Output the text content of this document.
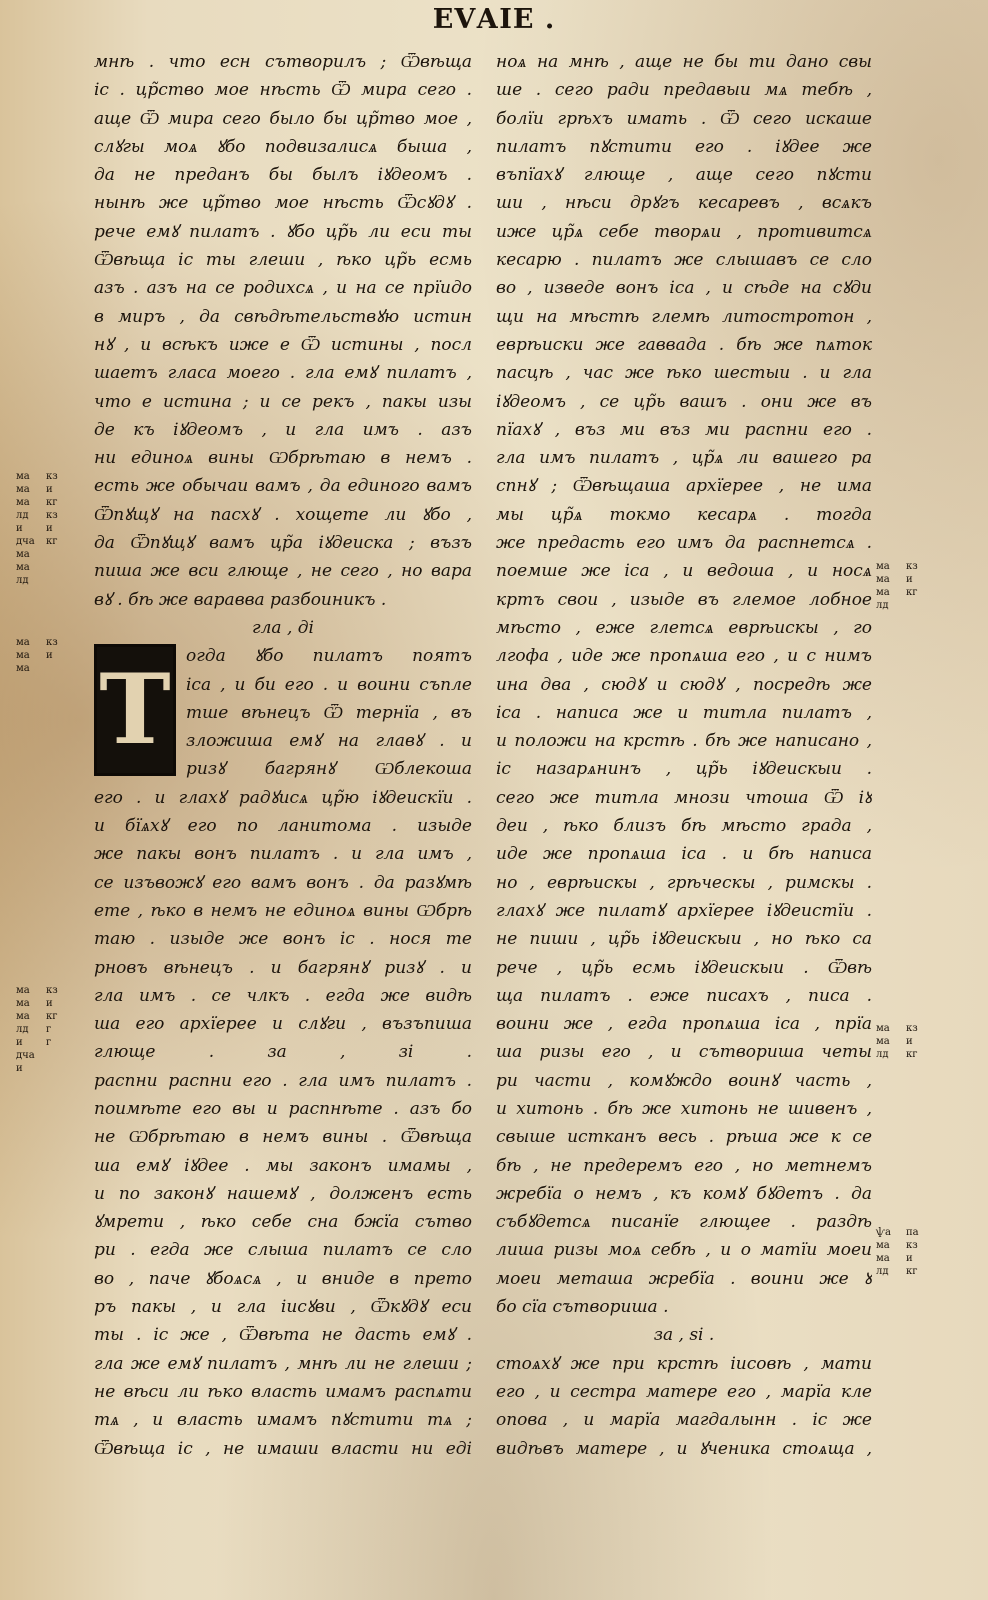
ЕVАIE .
мнѣ . что есн сътворилъ ; Ѿвѣща
іс . цр̃ство мое нѣсть Ѿ мира сего .
аще Ѿ мира сего было бы цр̃тво мое ,
слꙋгы моѧ ꙋбо подвизалисѧ быша ,
да не преданъ бы былъ іꙋдеомъ .
нынѣ же цр̃тво мое нѣсть Ѿсꙋдꙋ .
рече емꙋ пилатъ . ꙋбо цр̃ь ли еси ты
Ѿвѣща іс ты глеши , ѣко цр̃ь есмь
азъ . азъ на се родихсѧ , и на се прїидо
в миръ , да свѣдѣтельствꙋю истин
нꙋ , и всѣкъ иже е Ѿ истины , посл
шаетъ гласа моего . гла емꙋ пилатъ ,
что е истина ; и се рекъ , пакы изы
де къ іꙋдеомъ , и гла имъ . азъ
ни единоѧ вины Ѡбрѣтаю в немъ .
есть же обычаи вамъ , да единого вамъ
Ѿпꙋщꙋ на пасхꙋ . хощете ли ꙋбо ,
да Ѿпꙋщꙋ вамъ цр̃а іꙋдеиска ; възъ
пиша же вси глюще , не сего , но вара
вꙋ . бѣ же варавва разбоиникъ .
гла , ді
Т огда ꙋбо пилатъ поятъ
іса , и би его . и воини съпле
тше вѣнецъ Ѿ тернїа , въ
зложиша емꙋ на главꙋ . и
ризꙋ багрянꙋ Ѡблекоша
его . и глахꙋ радꙋисѧ цр̃ю іꙋдеискїи .
и бїѧхꙋ его по ланитома . изыде
же пакы вонъ пилатъ . и гла имъ ,
се изъвожꙋ его вамъ вонъ . да разꙋмѣ
ете , ѣко в немъ не единоѧ вины Ѡбрѣ
таю . изыде же вонъ іс . нося те
рновъ вѣнецъ . и багрянꙋ ризꙋ . и
гла имъ . се члкъ . егда же видѣ
ша его архїерее и слꙋги , възъпиша
глюще . за , зі .
распни распни его . гла имъ пилатъ .
поимѣте его вы и распнѣте . азъ бо
не Ѡбрѣтаю в немъ вины . Ѿвѣща
ша емꙋ іꙋдее . мы законъ имамы ,
и по законꙋ нашемꙋ , долженъ есть
ꙋмрети , ѣко себе сна бжїа сътво
ри . егда же слыша пилатъ се сло
во , паче ꙋбоѧсѧ , и вниде в прето
ръ пакы , и гла іисꙋви , Ѿкꙋдꙋ еси
ты . іс же , Ѿвѣта не дасть емꙋ .
гла же емꙋ пилатъ , мнѣ ли не глеши ;
не вѣси ли ѣко власть имамъ распѧти
тѧ , и власть имамъ пꙋстити тѧ ;
Ѿвѣща іс , не имаши власти ни еді
ноѧ на мнѣ , аще не бы ти дано свы
ше . сего ради предавыи мѧ тебѣ ,
болїи грѣхъ имать . Ѿ сего искаше
пилатъ пꙋстити его . іꙋдее же
въпїахꙋ глюще , аще сего пꙋсти
ши , нѣси дрꙋгъ кесаревъ , всѧкъ
иже цр̃ѧ себе творѧи , противитсѧ
кесарю . пилатъ же слышавъ се сло
во , изведе вонъ іса , и сѣде на сꙋди
щи на мѣстѣ глемѣ литостротон ,
еврѣиски же гаввада . бѣ же пѧток
пасцѣ , час же ѣко шестыи . и гла
іꙋдеомъ , се цр̃ь вашъ . они же въ
пїахꙋ , въз ми въз ми распни его .
гла имъ пилатъ , цр̃ѧ ли вашего ра
спнꙋ ; Ѿвѣщаша архїерее , не има
мы цр̃ѧ токмо кесарѧ . тогда
же предасть его имъ да распнетсѧ .
поемше же іса , и ведоша , и носѧ
кртъ свои , изыде въ глемое лобное
мѣсто , еже глетсѧ еврѣискы , го
лгофа , иде же пропѧша его , и с нимъ
ина два , сюдꙋ и сюдꙋ , посредѣ же
іса . написа же и титла пилатъ ,
и положи на крстѣ . бѣ же написано ,
іс назарѧнинъ , цр̃ь іꙋдеискыи .
сего же титла мнози чтоша Ѿ іꙋ
деи , ѣко близъ бѣ мѣсто града ,
иде же пропѧша іса . и бѣ написа
но , еврѣискы , грѣческы , римскы .
глахꙋ же пилатꙋ архїерее іꙋдеистїи .
не пиши , цр̃ь іꙋдеискыи , но ѣко са
рече , цр̃ь есмь іꙋдеискыи . Ѿвѣ
ща пилатъ . еже писахъ , писа .
воини же , егда пропѧша іса , прїа
ша ризы его , и сътвориша четы
ри части , комꙋждо воинꙋ часть ,
и хитонь . бѣ же хитонь не шивенъ ,
свыше истканъ весь . рѣша же к се
бѣ , не предеремъ его , но метнемъ
жребїа о немъ , къ комꙋ бꙋдетъ . да
събꙋдетсѧ писанїе глющее . раздѣ
лиша ризы моѧ себѣ , и о матїи моеи
моеи меташа жребїа . воини же ꙋ
бо сїа сътвориша .
за , ѕі .
стоѧхꙋ же при крстѣ іисовѣ , мати
его , и сестра матере его , марїа кле
опова , и марїа магдалынн . іс же
видѣвъ матере , и ꙋченика стоѧща ,
ма
ма
ма
лд
и
дча
ма
ма
лд
кз
и
кг
кз
и
кг
ма
ма
ма
кз
и
ма
ма
ма
лд
кз
и
кг
ма
ма
ма
лд
и
дча
и
кз
и
кг
г
г
ма
ма
лд
кз
и
кг
ѱа
ма
ма
лд
па
кз
и
кг
